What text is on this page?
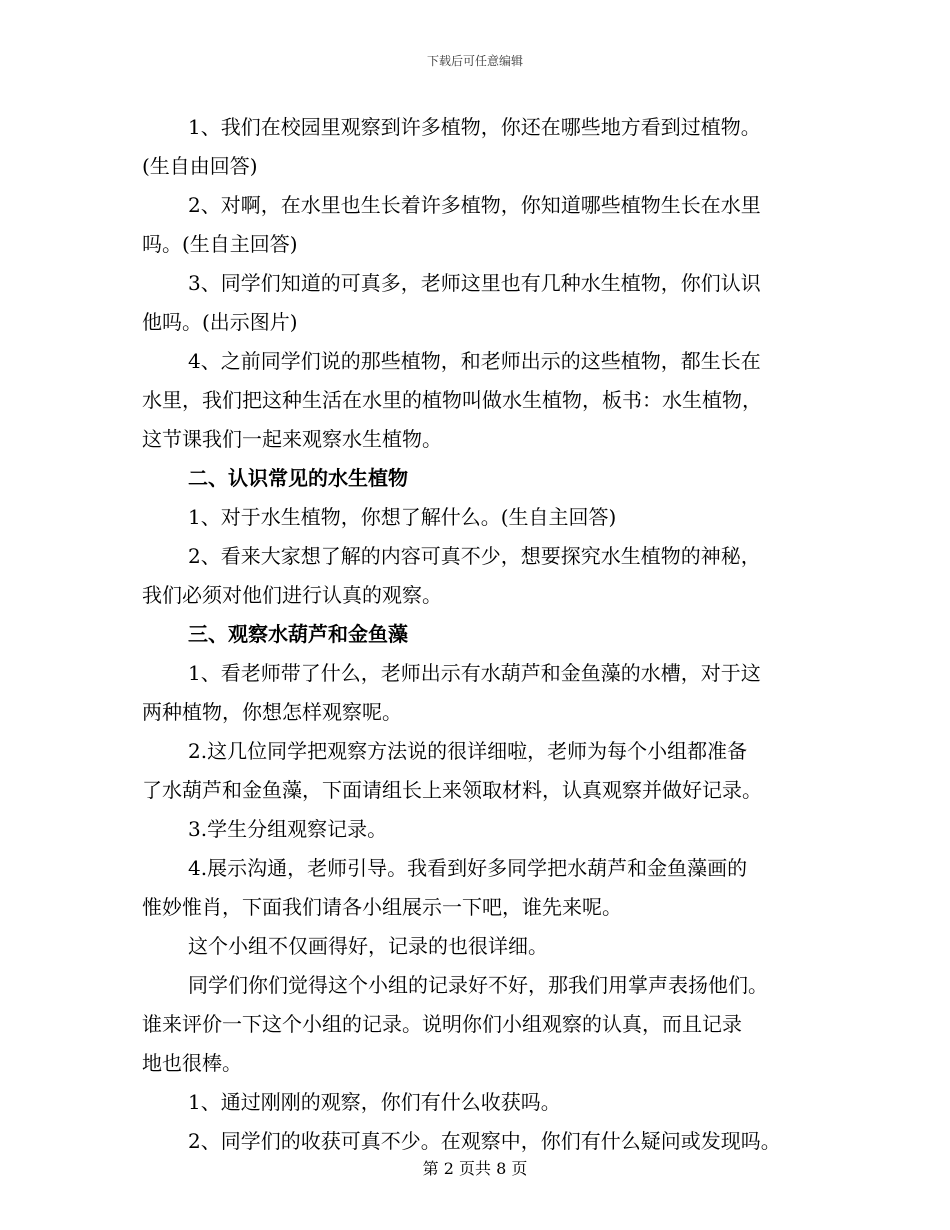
下载后可任意编辑

1、我们在校园里观察到许多植物，你还在哪些地方看到过植物。

(生自由回答)

2、对啊，在水里也生长着许多植物，你知道哪些植物生长在水里

吗。(生自主回答)

3、同学们知道的可真多，老师这里也有几种水生植物，你们认识

他吗。(出示图片)

4、之前同学们说的那些植物，和老师出示的这些植物，都生长在

水里，我们把这种生活在水里的植物叫做水生植物，板书：水生植物，

这节课我们一起来观察水生植物。

二、认识常见的水生植物

1、对于水生植物，你想了解什么。(生自主回答)

2、看来大家想了解的内容可真不少，想要探究水生植物的神秘，

我们必须对他们进行认真的观察。

三、观察水葫芦和金鱼藻

1、看老师带了什么，老师出示有水葫芦和金鱼藻的水槽，对于这

两种植物，你想怎样观察呢。

2.这几位同学把观察方法说的很详细啦，老师为每个小组都准备

了水葫芦和金鱼藻，下面请组长上来领取材料，认真观察并做好记录。

3.学生分组观察记录。

4.展示沟通，老师引导。我看到好多同学把水葫芦和金鱼藻画的

惟妙惟肖，下面我们请各小组展示一下吧，谁先来呢。

这个小组不仅画得好，记录的也很详细。

同学们你们觉得这个小组的记录好不好，那我们用掌声表扬他们。

谁来评价一下这个小组的记录。说明你们小组观察的认真，而且记录

地也很棒。

1、通过刚刚的观察，你们有什么收获吗。

2、同学们的收获可真不少。在观察中，你们有什么疑问或发现吗。

第 2 页共 8 页
